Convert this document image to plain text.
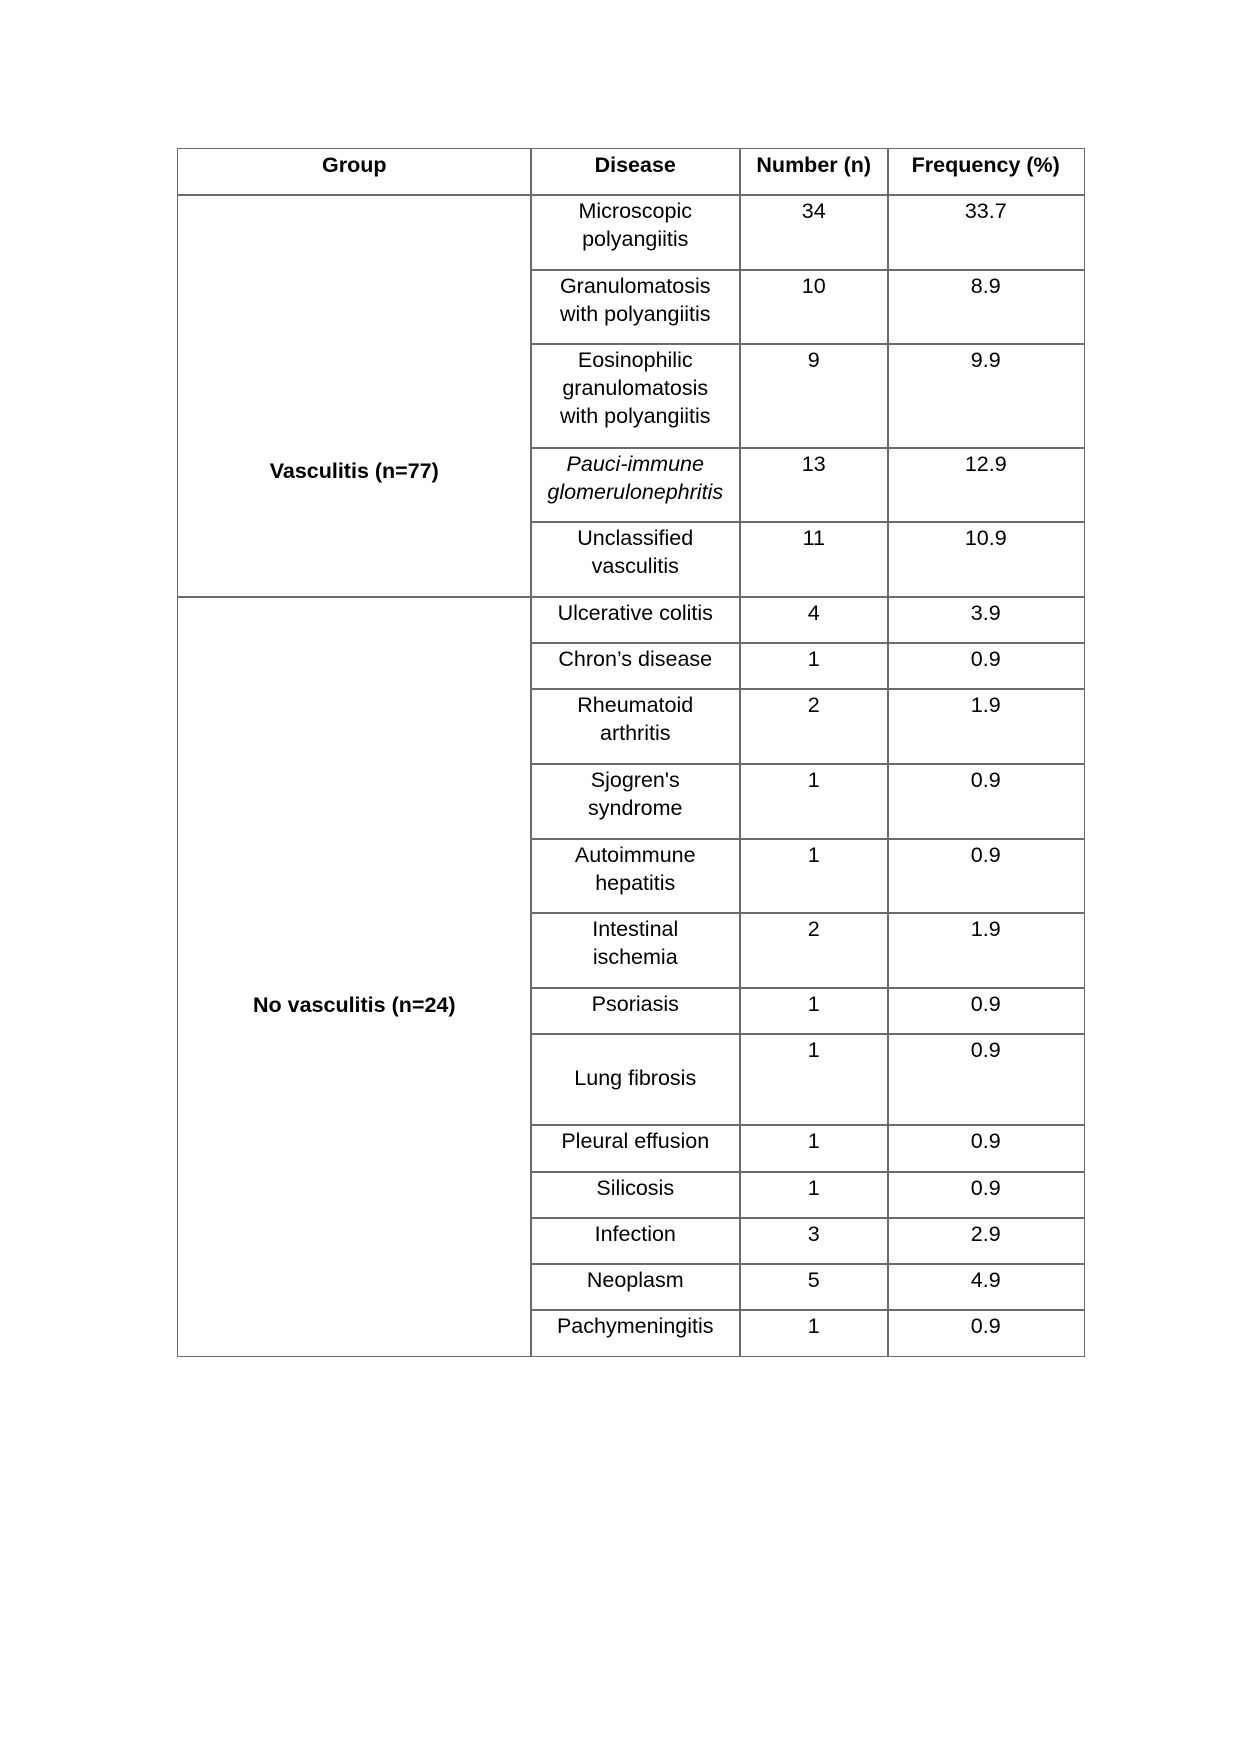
Group	Disease	Number (n)	Frequency (%)
Vasculitis (n=77)
Microscopic
polyangiitis
34	33.7
Granulomatosis
with polyangiitis
10	8.9
Eosinophilic
granulomatosis
with polyangiitis
9	9.9
Pauci-immune
glomerulonephritis
13	12.9
Unclassified
vasculitis
11	10.9
No vasculitis (n=24)
Ulcerative colitis	4	3.9
Chron’s disease	1	0.9
Rheumatoid
arthritis
2	1.9
Sjogren's
syndrome
1	0.9
Autoimmune
hepatitis
1	0.9
Intestinal
ischemia
2	1.9
Psoriasis	1	0.9

Lung fibrosis
1	0.9
Pleural effusion	1	0.9
Silicosis	1	0.9
Infection	3	2.9
Neoplasm	5	4.9
Pachymeningitis	1	0.9
